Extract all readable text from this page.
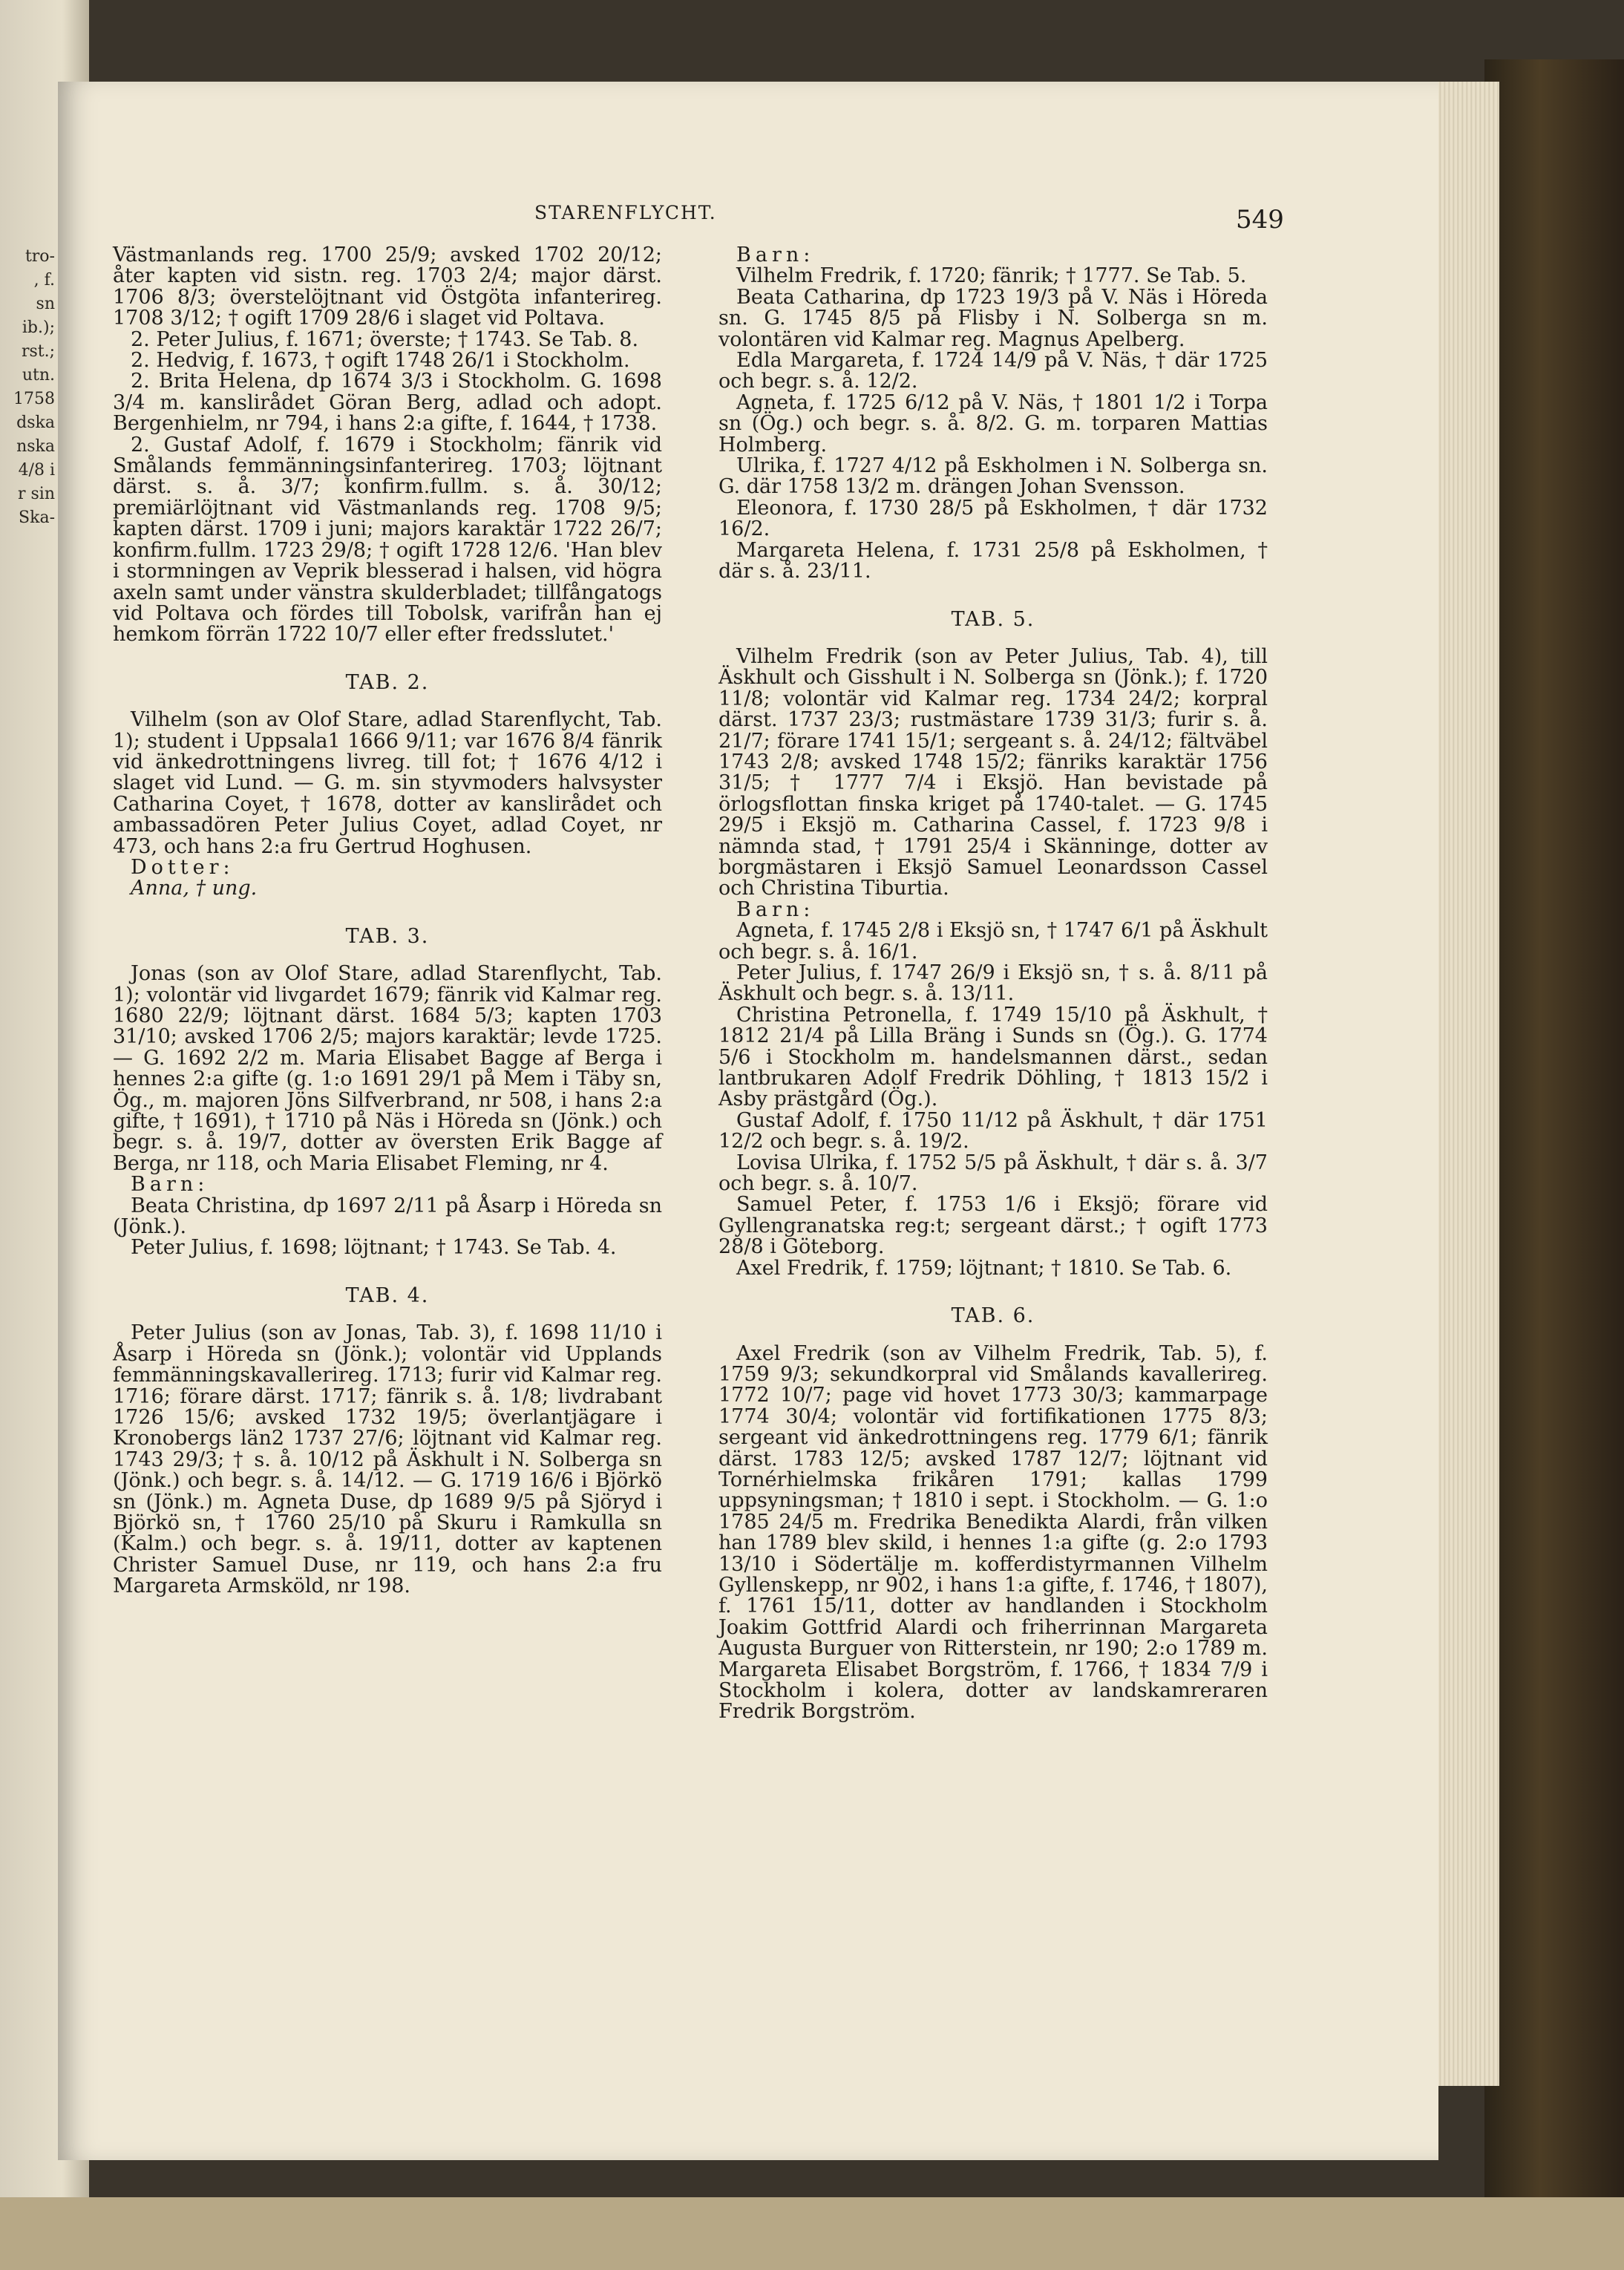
tro-
, f.
sn
ib.);
rst.;
utn.
1758
dska
nska
4/8 i
r sin
Ska-
STARENFLYCHT.	549

Västmanlands reg. 1700 25/9; avsked 1702 20/12; åter kapten vid sistn. reg. 1703 2/4; major därst. 1706 8/3; överstelöjtnant vid Östgöta infanterireg. 1708 3/12; † ogift 1709 28/6 i slaget vid Poltava.

2. Peter Julius, f. 1671; överste; † 1743. Se Tab. 8.

2. Hedvig, f. 1673, † ogift 1748 26/1 i Stockholm.

2. Brita Helena, dp 1674 3/3 i Stockholm. G. 1698 3/4 m. kanslirådet Göran Berg, adlad och adopt. Bergenhielm, nr 794, i hans 2:a gifte, f. 1644, † 1738.

2. Gustaf Adolf, f. 1679 i Stockholm; fänrik vid Smålands femmänningsinfanterireg. 1703; löjtnant därst. s. å. 3/7; konfirm.fullm. s. å. 30/12; premiärlöjtnant vid Västmanlands reg. 1708 9/5; kapten därst. 1709 i juni; majors karaktär 1722 26/7; konfirm.fullm. 1723 29/8; † ogift 1728 12/6. 'Han blev i stormningen av Veprik blesserad i halsen, vid högra axeln samt under vänstra skulderbladet; tillfångatogs vid Poltava och fördes till Tobolsk, varifrån han ej hemkom förrän 1722 10/7 eller efter fredsslutet.'

TAB. 2.

Vilhelm (son av Olof Stare, adlad Starenflycht, Tab. 1); student i Uppsala1 1666 9/11; var 1676 8/4 fänrik vid änkedrottningens livreg. till fot; † 1676 4/12 i slaget vid Lund. — G. m. sin styvmoders halvsyster Catharina Coyet, † 1678, dotter av kanslirådet och ambassadören Peter Julius Coyet, adlad Coyet, nr 473, och hans 2:a fru Gertrud Hoghusen.

Dotter:

Anna, † ung.

TAB. 3.

Jonas (son av Olof Stare, adlad Starenflycht, Tab. 1); volontär vid livgardet 1679; fänrik vid Kalmar reg. 1680 22/9; löjtnant därst. 1684 5/3; kapten 1703 31/10; avsked 1706 2/5; majors karaktär; levde 1725. — G. 1692 2/2 m. Maria Elisabet Bagge af Berga i hennes 2:a gifte (g. 1:o 1691 29/1 på Mem i Täby sn, Ög., m. majoren Jöns Silfverbrand, nr 508, i hans 2:a gifte, † 1691), † 1710 på Näs i Höreda sn (Jönk.) och begr. s. å. 19/7, dotter av översten Erik Bagge af Berga, nr 118, och Maria Elisabet Fleming, nr 4.

Barn:

Beata Christina, dp 1697 2/11 på Åsarp i Höreda sn (Jönk.).

Peter Julius, f. 1698; löjtnant; † 1743. Se Tab. 4.

TAB. 4.

Peter Julius (son av Jonas, Tab. 3), f. 1698 11/10 i Åsarp i Höreda sn (Jönk.); volontär vid Upplands femmänningskavallerireg. 1713; furir vid Kalmar reg. 1716; förare därst. 1717; fänrik s. å. 1/8; livdrabant 1726 15/6; avsked 1732 19/5; överlantjägare i Kronobergs län2 1737 27/6; löjtnant vid Kalmar reg. 1743 29/3; † s. å. 10/12 på Äskhult i N. Solberga sn (Jönk.) och begr. s. å. 14/12. — G. 1719 16/6 i Björkö sn (Jönk.) m. Agneta Duse, dp 1689 9/5 på Sjöryd i Björkö sn, † 1760 25/10 på Skuru i Ramkulla sn (Kalm.) och begr. s. å. 19/11, dotter av kaptenen Christer Samuel Duse, nr 119, och hans 2:a fru Margareta Armsköld, nr 198.

Barn:

Vilhelm Fredrik, f. 1720; fänrik; † 1777. Se Tab. 5.

Beata Catharina, dp 1723 19/3 på V. Näs i Höreda sn. G. 1745 8/5 på Flisby i N. Solberga sn m. volontären vid Kalmar reg. Magnus Apelberg.

Edla Margareta, f. 1724 14/9 på V. Näs, † där 1725 och begr. s. å. 12/2.

Agneta, f. 1725 6/12 på V. Näs, † 1801 1/2 i Torpa sn (Ög.) och begr. s. å. 8/2. G. m. torparen Mattias Holmberg.

Ulrika, f. 1727 4/12 på Eskholmen i N. Solberga sn. G. där 1758 13/2 m. drängen Johan Svensson.

Eleonora, f. 1730 28/5 på Eskholmen, † där 1732 16/2.

Margareta Helena, f. 1731 25/8 på Eskholmen, † där s. å. 23/11.

TAB. 5.

Vilhelm Fredrik (son av Peter Julius, Tab. 4), till Äskhult och Gisshult i N. Solberga sn (Jönk.); f. 1720 11/8; volontär vid Kalmar reg. 1734 24/2; korpral därst. 1737 23/3; rustmästare 1739 31/3; furir s. å. 21/7; förare 1741 15/1; sergeant s. å. 24/12; fältväbel 1743 2/8; avsked 1748 15/2; fänriks karaktär 1756 31/5; † 1777 7/4 i Eksjö. Han bevistade på örlogsflottan finska kriget på 1740-talet. — G. 1745 29/5 i Eksjö m. Catharina Cassel, f. 1723 9/8 i nämnda stad, † 1791 25/4 i Skänninge, dotter av borgmästaren i Eksjö Samuel Leonardsson Cassel och Christina Tiburtia.

Barn:

Agneta, f. 1745 2/8 i Eksjö sn, † 1747 6/1 på Äskhult och begr. s. å. 16/1.

Peter Julius, f. 1747 26/9 i Eksjö sn, † s. å. 8/11 på Äskhult och begr. s. å. 13/11.

Christina Petronella, f. 1749 15/10 på Äskhult, † 1812 21/4 på Lilla Bräng i Sunds sn (Ög.). G. 1774 5/6 i Stockholm m. handelsmannen därst., sedan lantbrukaren Adolf Fredrik Döhling, † 1813 15/2 i Asby prästgård (Ög.).

Gustaf Adolf, f. 1750 11/12 på Äskhult, † där 1751 12/2 och begr. s. å. 19/2.

Lovisa Ulrika, f. 1752 5/5 på Äskhult, † där s. å. 3/7 och begr. s. å. 10/7.

Samuel Peter, f. 1753 1/6 i Eksjö; förare vid Gyllengranatska reg:t; sergeant därst.; † ogift 1773 28/8 i Göteborg.

Axel Fredrik, f. 1759; löjtnant; † 1810. Se Tab. 6.

TAB. 6.

Axel Fredrik (son av Vilhelm Fredrik, Tab. 5), f. 1759 9/3; sekundkorpral vid Smålands kavallerireg. 1772 10/7; page vid hovet 1773 30/3; kammarpage 1774 30/4; volontär vid fortifikationen 1775 8/3; sergeant vid änkedrottningens reg. 1779 6/1; fänrik därst. 1783 12/5; avsked 1787 12/7; löjtnant vid Tornérhielmska frikåren 1791; kallas 1799 uppsyningsman; † 1810 i sept. i Stockholm. — G. 1:o 1785 24/5 m. Fredrika Benedikta Alardi, från vilken han 1789 blev skild, i hennes 1:a gifte (g. 2:o 1793 13/10 i Södertälje m. kofferdistyrmannen Vilhelm Gyllenskepp, nr 902, i hans 1:a gifte, f. 1746, † 1807), f. 1761 15/11, dotter av handlanden i Stockholm Joakim Gottfrid Alardi och friherrinnan Margareta Augusta Burguer von Ritterstein, nr 190; 2:o 1789 m. Margareta Elisabet Borgström, f. 1766, † 1834 7/9 i Stockholm i kolera, dotter av landskamreraren Fredrik Borgström.
